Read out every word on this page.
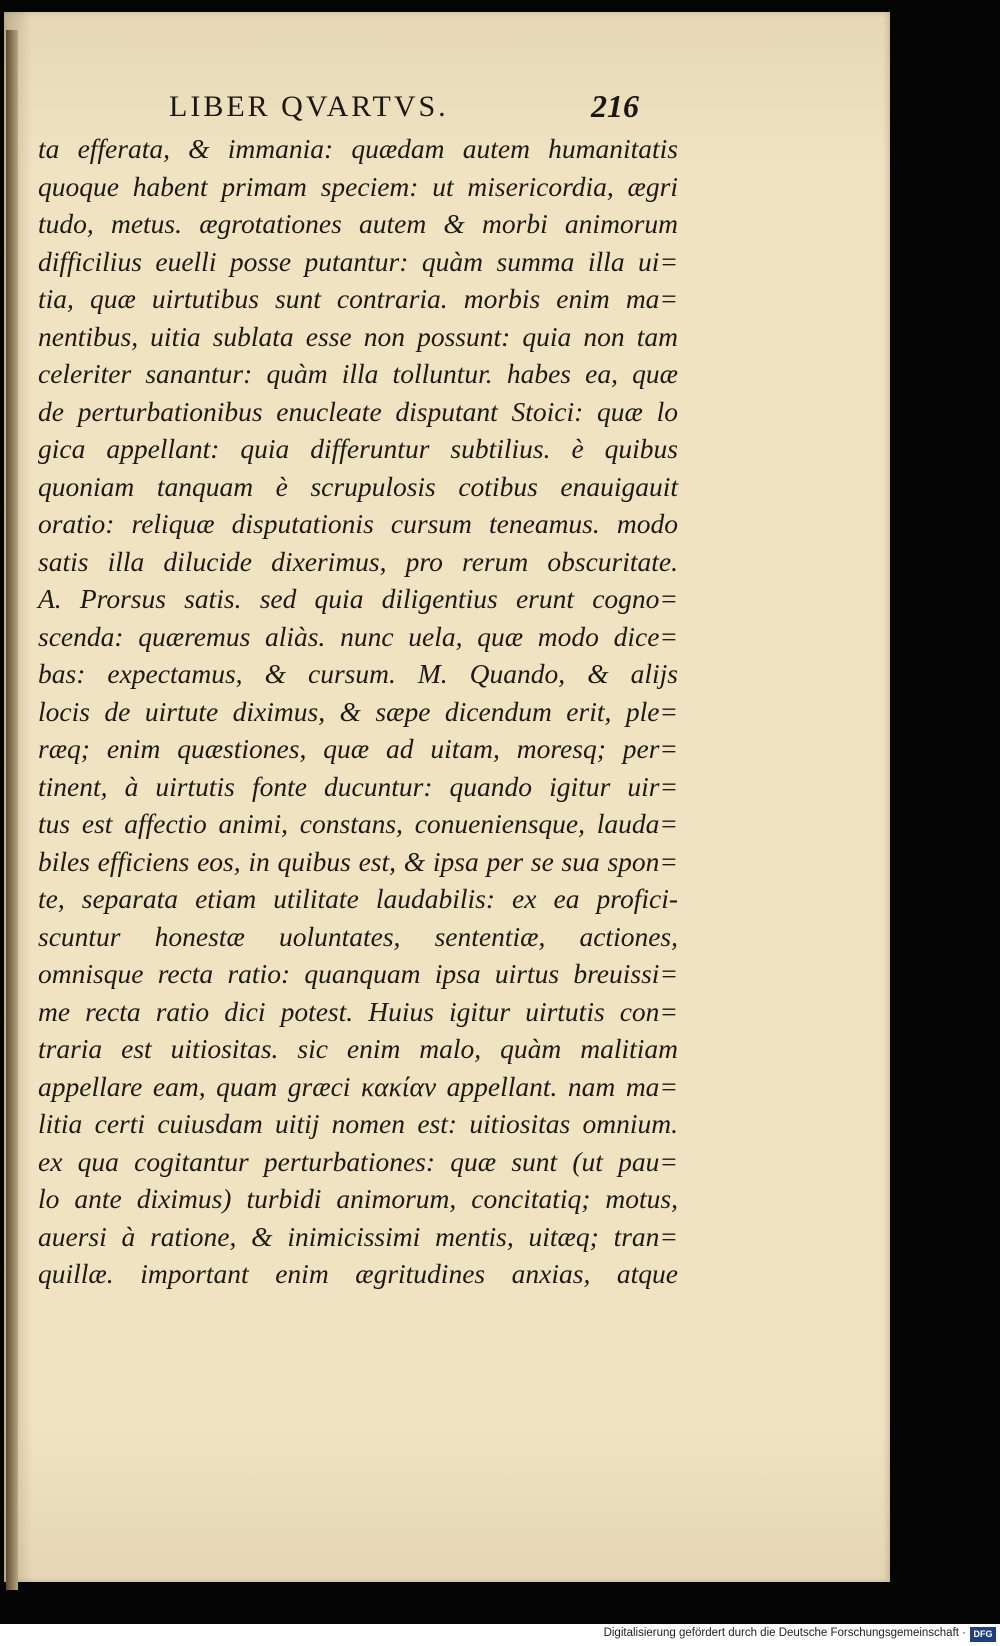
LIBER QVARTVS.	216
ta efferata, & immania: quædam autem humanitatis
quoque habent primam speciem: ut misericordia, ægri
tudo, metus. ægrotationes autem & morbi animorum
difficilius euelli posse putantur: quàm summa illa ui=
tia, quæ uirtutibus sunt contraria. morbis enim ma=
nentibus, uitia sublata esse non possunt: quia non tam
celeriter sanantur: quàm illa tolluntur. habes ea, quæ
de perturbationibus enucleate disputant Stoici: quæ lo
gica appellant: quia differuntur subtilius. è quibus
quoniam tanquam è scrupulosis cotibus enauigauit
oratio: reliquæ disputationis cursum teneamus. modo
satis illa dilucide dixerimus, pro rerum obscuritate.
A. Prorsus satis. sed quia diligentius erunt cogno=
scenda: quæremus aliàs. nunc uela, quæ modo dice=
bas: expectamus, & cursum. M. Quando, & alijs
locis de uirtute diximus, & sæpe dicendum erit, ple=
ræq; enim quæstiones, quæ ad uitam, moresq; per=
tinent, à uirtutis fonte ducuntur: quando igitur uir=
tus est affectio animi, constans, conueniensque, lauda=
biles efficiens eos, in quibus est, & ipsa per se sua spon=
te, separata etiam utilitate laudabilis: ex ea profici-
scuntur honestæ uoluntates, sententiæ, actiones,
omnisque recta ratio: quanquam ipsa uirtus breuissi=
me recta ratio dici potest. Huius igitur uirtutis con=
traria est uitiositas. sic enim malo, quàm malitiam
appellare eam, quam græci κακίαν appellant. nam ma=
litia certi cuiusdam uitij nomen est: uitiositas omnium.
ex qua cogitantur perturbationes: quæ sunt (ut pau=
lo ante diximus) turbidi animorum, concitatiq; motus,
auersi à ratione, & inimicissimi mentis, uitæq; tran=
quillæ. important enim ægritudines anxias, atque
Digitalisierung gefördert durch die Deutsche Forschungsgemeinschaft · DFG
